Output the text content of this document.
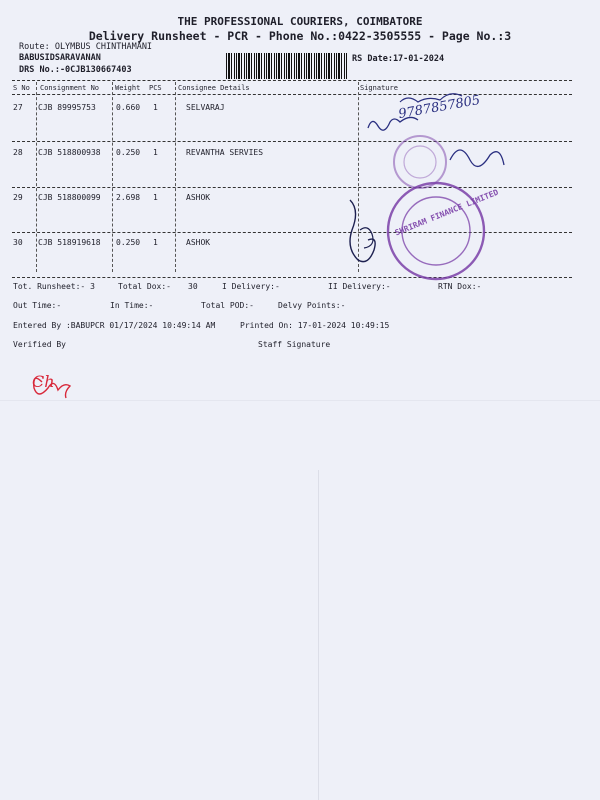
THE PROFESSIONAL COURIERS, COIMBATORE
Delivery Runsheet - PCR - Phone No.:0422-3505555 - Page No.:3
Route: OLYMBUS CHINTHAMANI
BABUSIDSARAVANAN
DRS No.:-0CJB130667403
RS Date:17-01-2024
S No Consignment No Weight PCS Consignee Details	Signature
27 CJB 89995753	0.660 1	SELVARAJ
28 CJB 518800938 0.250 1	REVANTHA SERVIES
29 CJB 518800099 2.698 1	ASHOK
30 CJB 518919618 0.250 1	ASHOK
Tot. Runsheet:- 3	Total Dox:- 30	I Delivery:-	II Delivery:-	RTN Dox:-
Out Time:-	In Time:-	Total POD:-	Delvy Points:-
Entered By :BABUPCR 01/17/2024 10:49:14 AM	Printed On: 17-01-2024 10:49:15
Verified By	Staff Signature
9787857805
Ch
SHRIRAM FINANCE LIMITED
